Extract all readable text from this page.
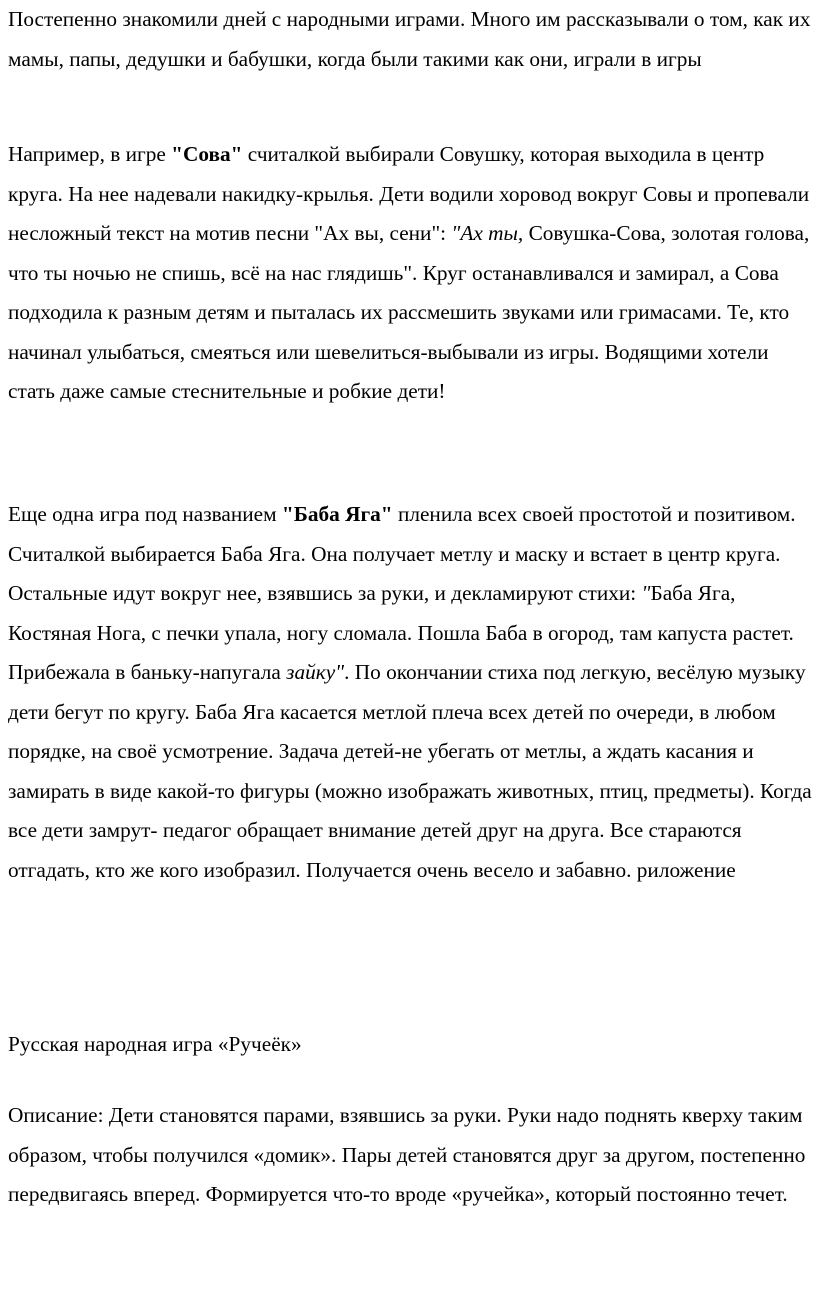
Постепенно знакомили дней с народными играми. Много им рассказывали о том, как их мамы, папы, дедушки и бабушки, когда были такими как они, играли в игры

Например, в игре "Сова" считалкой выбирали Совушку, которая выходила в центр круга. На нее надевали накидку-крылья. Дети водили хоровод вокруг Совы и пропевали несложный текст на мотив песни "Ах вы, сени": "Ах ты, Совушка-Сова, золотая голова, что ты ночью не спишь, всё на нас глядишь". Круг останавливался и замирал, а Сова подходила к разным детям и пыталась их рассмешить звуками или гримасами. Те, кто начинал улыбаться, смеяться или шевелиться-выбывали из игры. Водящими хотели стать даже самые стеснительные и робкие дети!

Еще одна игра под названием "Баба Яга" пленила всех своей простотой и позитивом. Считалкой выбирается Баба Яга. Она получает метлу и маску и встает в центр круга. Остальные идут вокруг нее, взявшись за руки, и декламируют стихи: "Баба Яга, Костяная Нога, с печки упала, ногу сломала. Пошла Баба в огород, там капуста растет. Прибежала в баньку-напугала зайку". По окончании стиха под легкую, весёлую музыку дети бегут по кругу. Баба Яга касается метлой плеча всех детей по очереди, в любом порядке, на своё усмотрение. Задача детей-не убегать от метлы, а ждать касания и замирать в виде какой-то фигуры (можно изображать животных, птиц, предметы). Когда все дети замрут- педагог обращает внимание детей друг на друга. Все стараются отгадать, кто же кого изобразил. Получается очень весело и забавно. риложение

Русская народная игра «Ручеёк»

Описание: Дети становятся парами, взявшись за руки. Руки надо поднять кверху таким образом, чтобы получился «домик». Пары детей становятся друг за другом, постепенно передвигаясь вперед. Формируется что-то вроде «ручейка», который постоянно течет.
